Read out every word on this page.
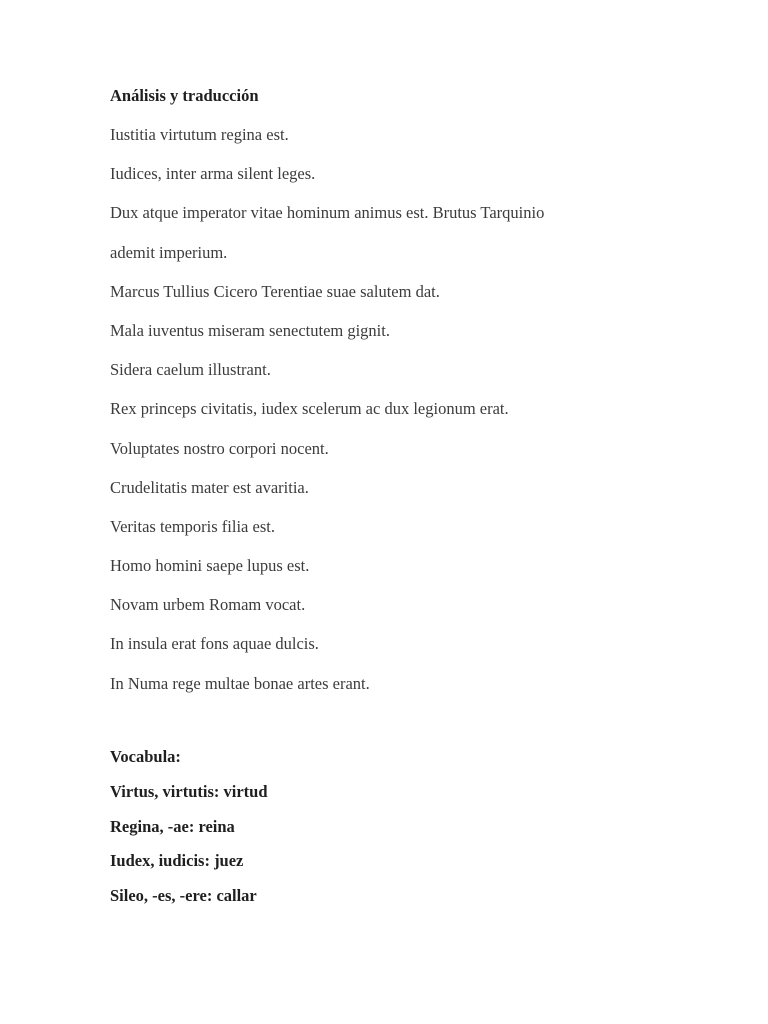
Análisis y traducción
Iustitia virtutum regina est.
Iudices, inter arma silent leges.
Dux atque imperator vitae hominum animus est. Brutus Tarquinio
ademit imperium.
Marcus Tullius Cicero Terentiae suae salutem dat.
Mala iuventus miseram senectutem gignit.
Sidera caelum illustrant.
Rex princeps civitatis, iudex scelerum ac dux legionum erat.
Voluptates nostro corpori nocent.
Crudelitatis mater est avaritia.
Veritas temporis filia est.
Homo homini saepe lupus est.
Novam urbem Romam vocat.
In insula erat fons aquae dulcis.
In Numa rege multae bonae artes erant.
Vocabula:
Virtus, virtutis: virtud
Regina, -ae: reina
Iudex, iudicis: juez
Sileo, -es, -ere: callar
